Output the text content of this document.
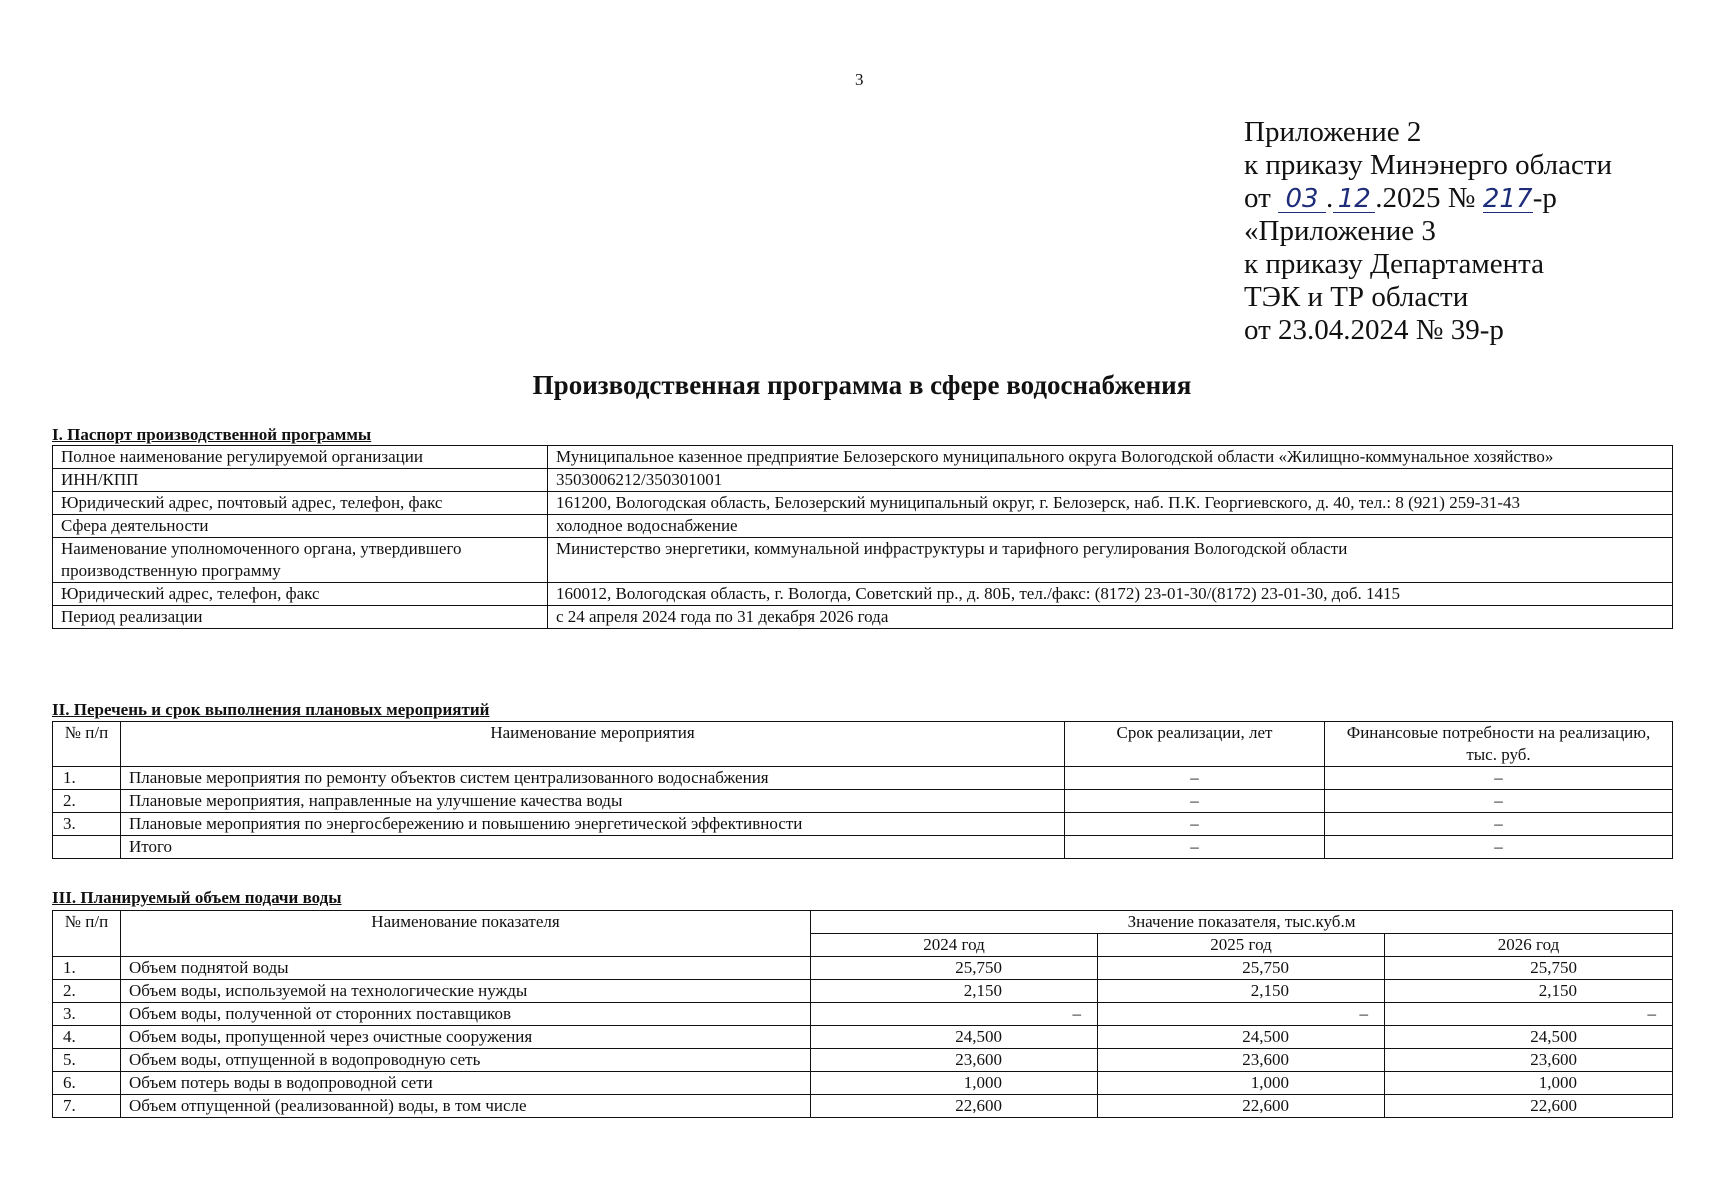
3
Приложение 2
к приказу Минэнерго области
от 03 . 12 .2025 № 217-р
«Приложение 3
к приказу Департамента
ТЭК и ТР области
от 23.04.2024 № 39-р
Производственная программа в сфере водоснабжения
I. Паспорт производственной программы
Полное наименование регулируемой организации	Муниципальное казенное предприятие Белозерского муниципального округа Вологодской области «Жилищно-коммунальное хозяйство»
ИНН/КПП	3503006212/350301001
Юридический адрес, почтовый адрес, телефон, факс	161200, Вологодская область, Белозерский муниципальный округ, г. Белозерск, наб. П.К. Георгиевского, д. 40, тел.: 8 (921) 259-31-43
Сфера деятельности	холодное водоснабжение
Наименование уполномоченного органа, утвердившего производственную программу	Министерство энергетики, коммунальной инфраструктуры и тарифного регулирования Вологодской области
Юридический адрес, телефон, факс	160012, Вологодская область, г. Вологда, Советский пр., д. 80Б, тел./факс: (8172) 23-01-30/(8172) 23-01-30, доб. 1415
Период реализации	с 24 апреля 2024 года по 31 декабря 2026 года
II. Перечень и срок выполнения плановых мероприятий
№ п/п	Наименование мероприятия	Срок реализации, лет	Финансовые потребности на реализацию, тыс. руб.
1.	Плановые мероприятия по ремонту объектов систем централизованного водоснабжения	–	–
2.	Плановые мероприятия, направленные на улучшение качества воды	–	–
3.	Плановые мероприятия по энергосбережению и повышению энергетической эффективности	–	–
	Итого	–	–
III. Планируемый объем подачи воды
№ п/п	Наименование показателя	Значение показателя, тыс.куб.м		
		2024 год	2025 год	2026 год
1.	Объем поднятой воды	25,750	25,750	25,750
2.	Объем воды, используемой на технологические нужды	2,150	2,150	2,150
3.	Объем воды, полученной от сторонних поставщиков	–	–	–
4.	Объем воды, пропущенной через очистные сооружения	24,500	24,500	24,500
5.	Объем воды, отпущенной в водопроводную сеть	23,600	23,600	23,600
6.	Объем потерь воды в водопроводной сети	1,000	1,000	1,000
7.	Объем отпущенной (реализованной) воды, в том числе	22,600	22,600	22,600
